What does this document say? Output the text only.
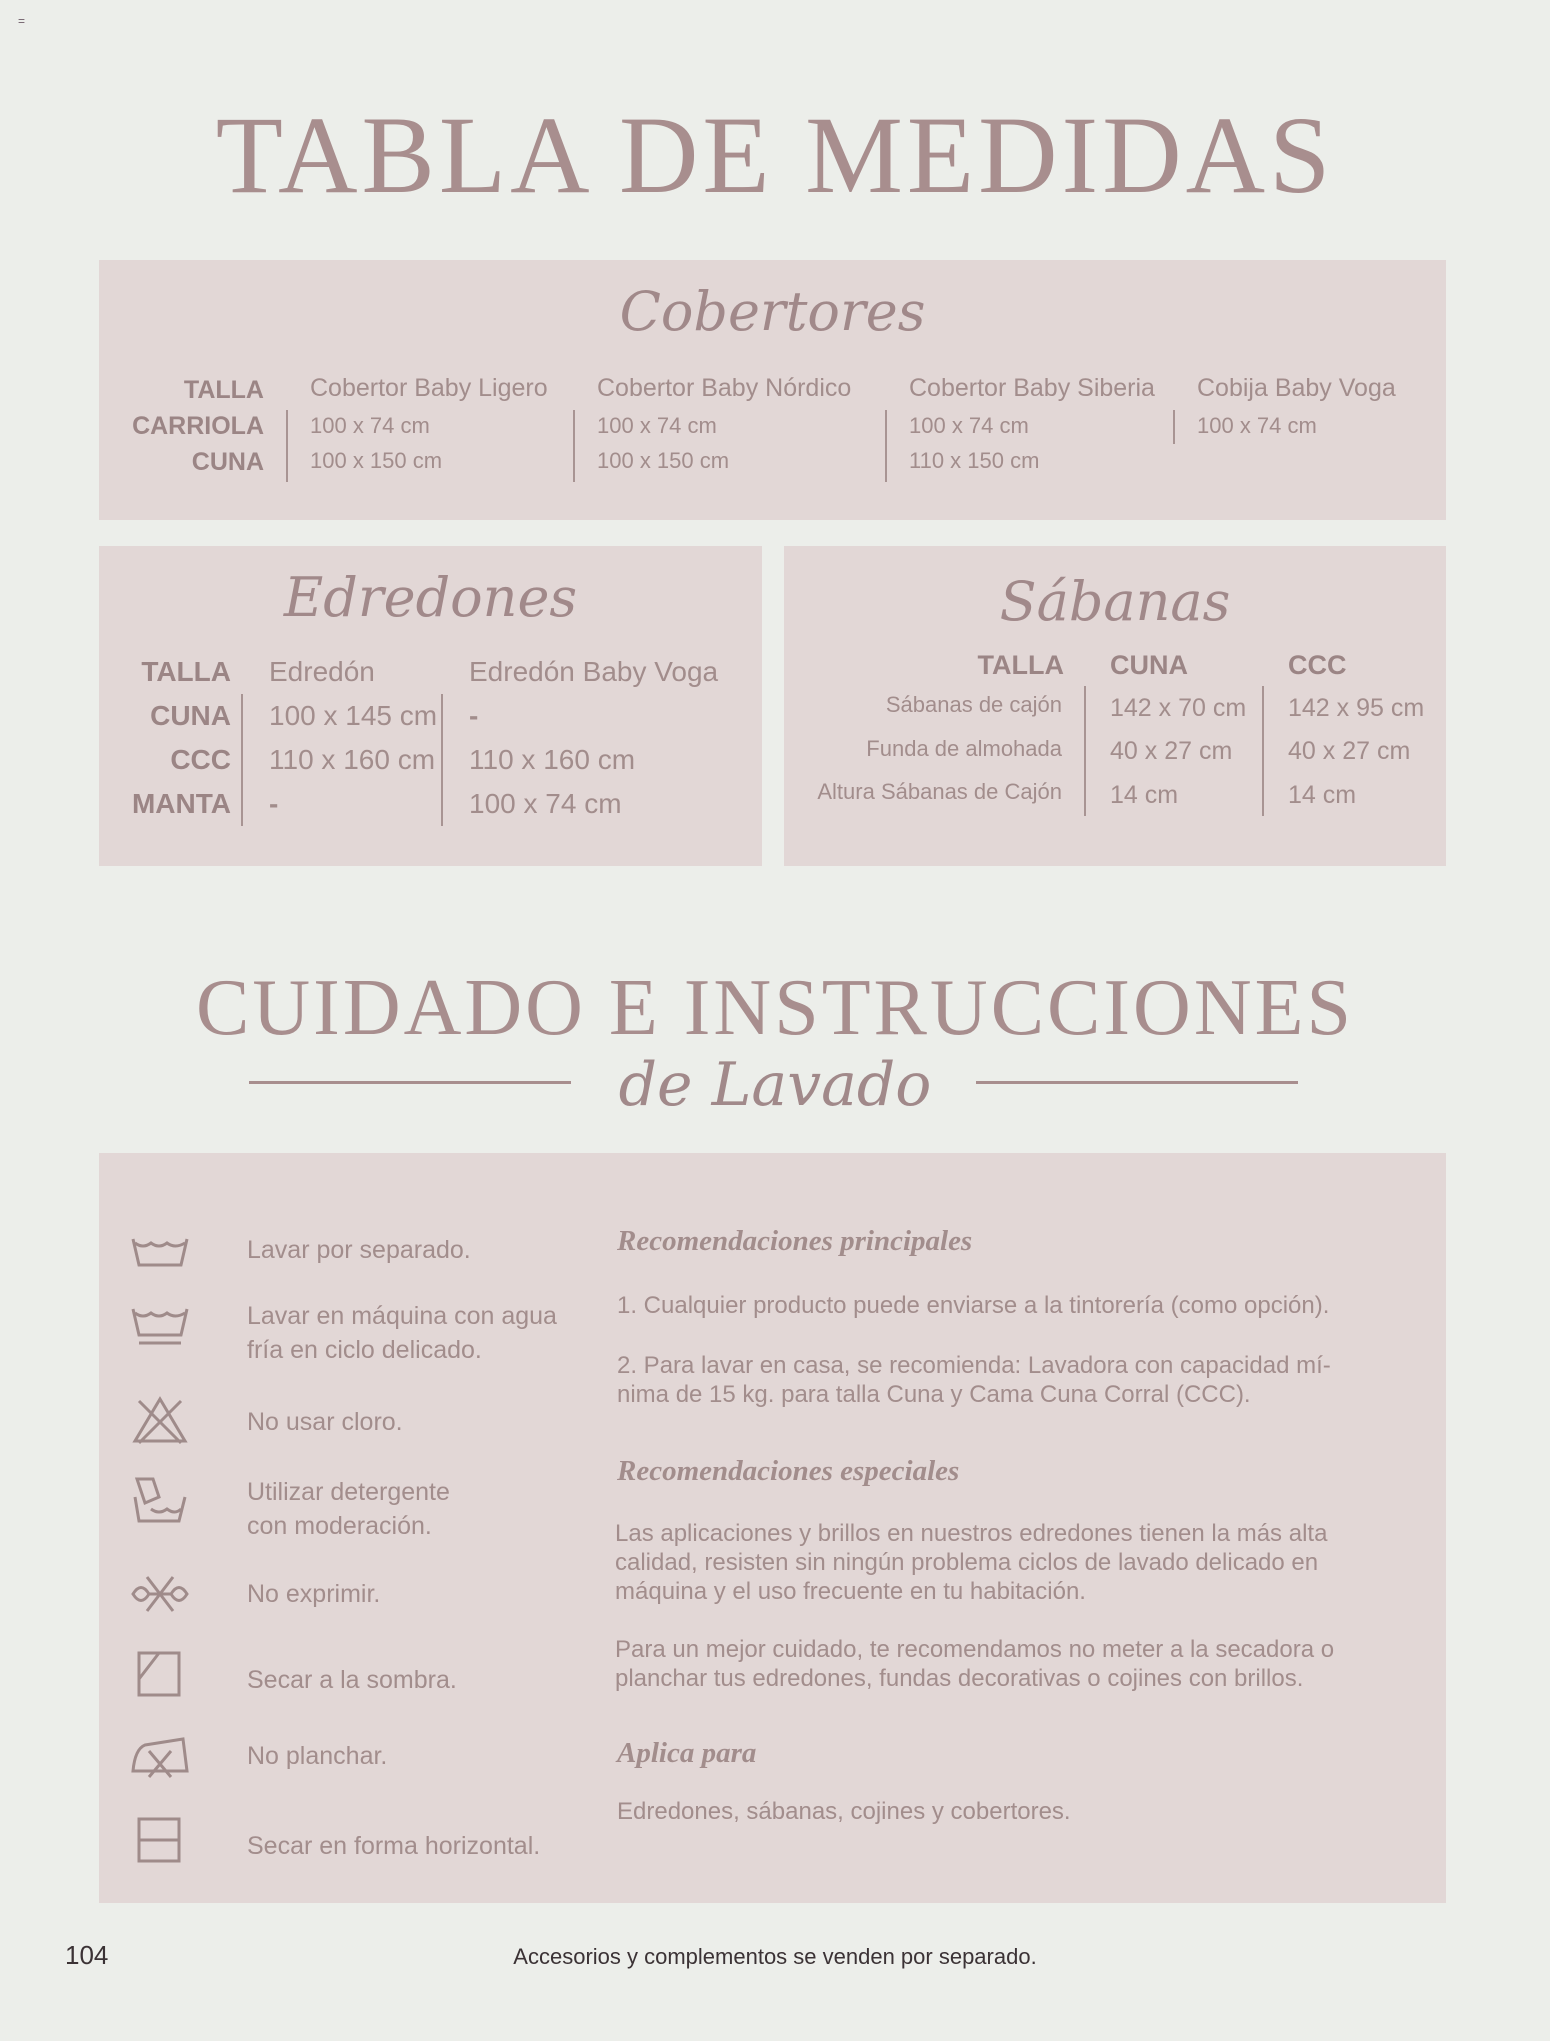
=
TABLA DE MEDIDAS
Cobertores
TALLA
CARRIOLA
CUNA
Cobertor Baby Ligero
100 x 74 cm
100 x 150 cm
Cobertor Baby Nórdico
100 x 74 cm
100 x 150 cm
Cobertor Baby Siberia
100 x 74 cm
110 x 150 cm
Cobija Baby Voga
100 x 74 cm
Edredones
TALLA
CUNA
CCC
MANTA
Edredón
100 x 145 cm
110 x 160 cm
-
Edredón Baby Voga
-
110 x 160 cm
100 x 74 cm
Sábanas
TALLA CUNA	CCC
Sábanas de cajón
Funda de almohada
Altura Sábanas de Cajón
142 x 70 cm
40 x 27 cm
14 cm
142 x 95 cm
40 x 27 cm
14 cm
CUIDADO E INSTRUCCIONES
de Lavado
Lavar por separado.
Lavar en máquina con agua
fría en ciclo delicado.
No usar cloro.
Utilizar detergente
con moderación.
No exprimir.
Secar a la sombra.
No planchar.
Secar en forma horizontal.
Recomendaciones principales
1. Cualquier producto puede enviarse a la tintorería (como opción).
2. Para lavar en casa, se recomienda: Lavadora con capacidad mí-
nima de 15 kg. para talla Cuna y Cama Cuna Corral (CCC).
Recomendaciones especiales
Las aplicaciones y brillos en nuestros edredones tienen la más alta
calidad, resisten sin ningún problema ciclos de lavado delicado en
máquina y el uso frecuente en tu habitación.
Para un mejor cuidado, te recomendamos no meter a la secadora o
planchar tus edredones, fundas decorativas o cojines con brillos.
Aplica para
Edredones, sábanas, cojines y cobertores.
104	Accesorios y complementos se venden por separado.
